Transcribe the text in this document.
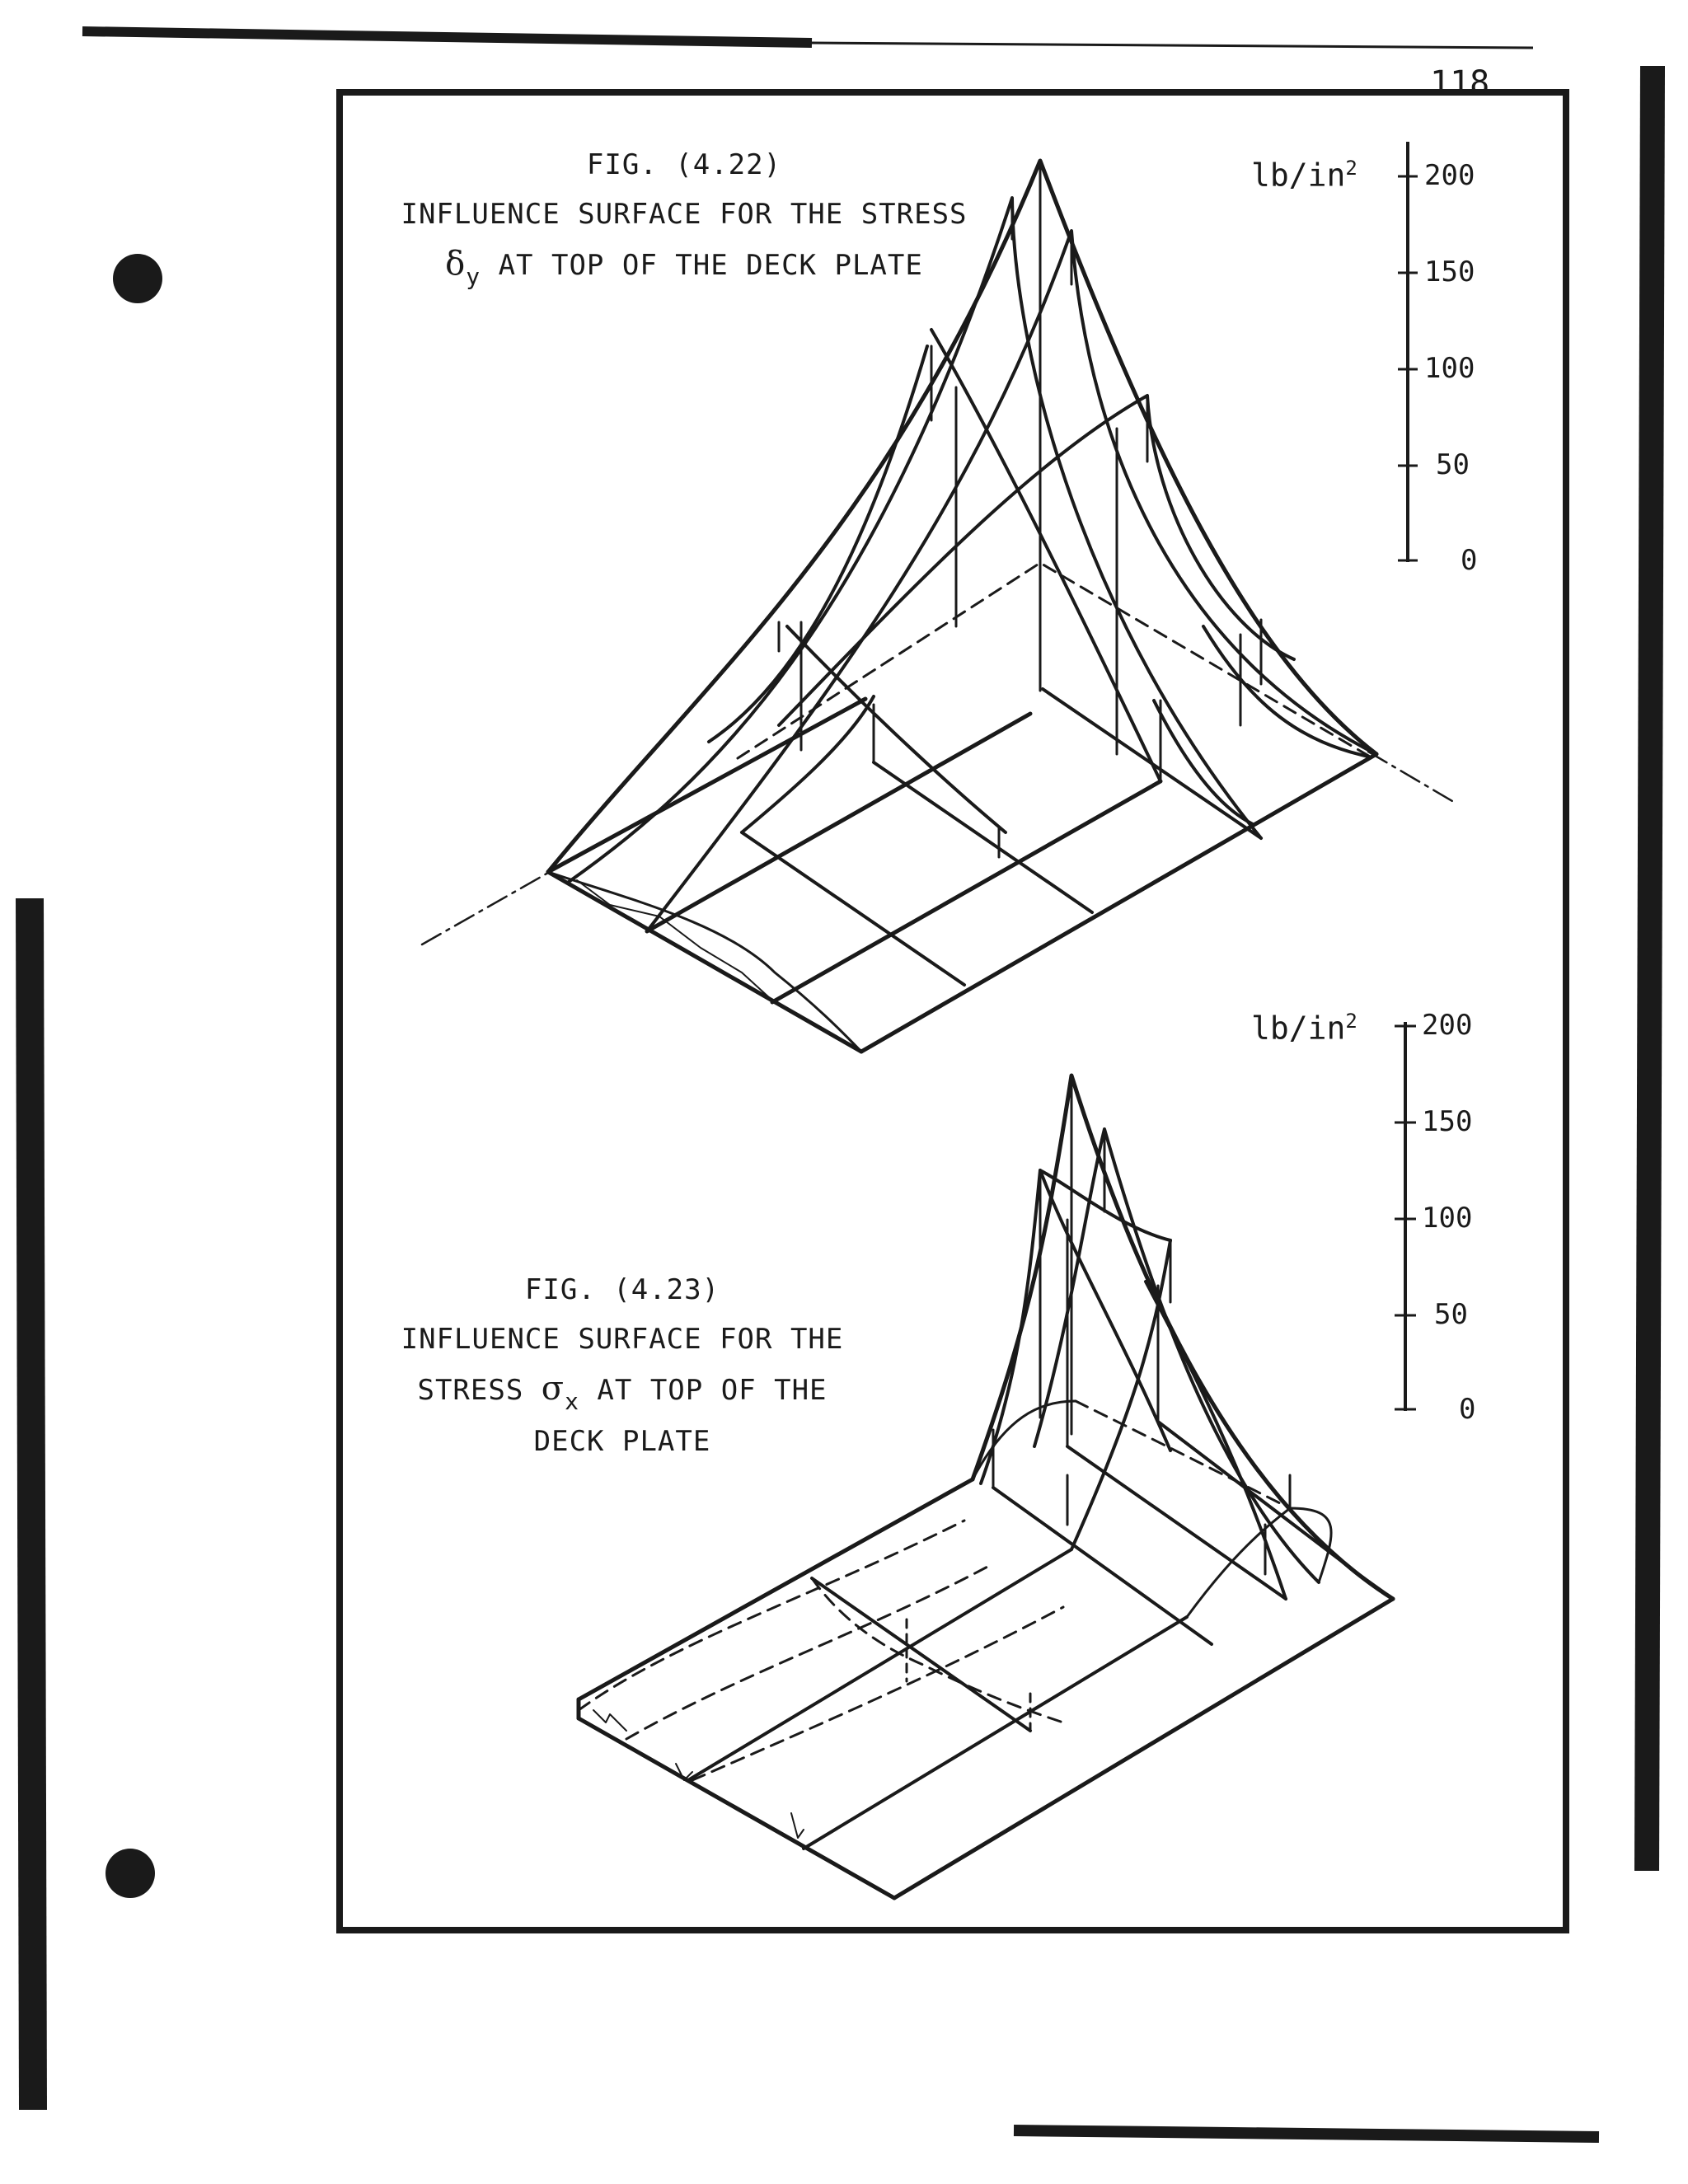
118
FIG. (4.22)
INFLUENCE SURFACE FOR THE STRESS
$\delta_y$ AT TOP OF THE DECK PLATE
$lb/in^2$ 200
150
100
50
0
FIG. (4.23)
INFLUENCE SURFACE FOR THE
STRESS $\sigma_x$ AT TOP OF THE
DECK PLATE
$lb/in^2$ 200
150
100
50
0
